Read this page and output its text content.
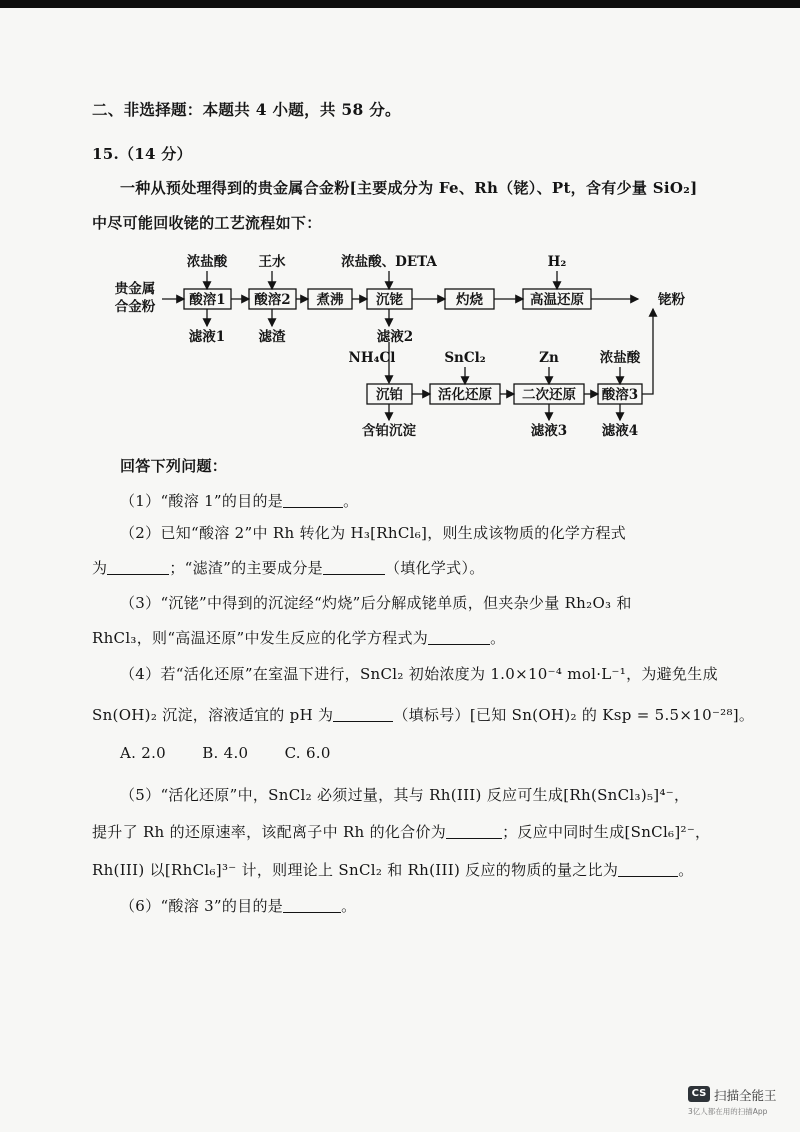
二、非选择题：本题共 4 小题，共 58 分。
15.（14 分）
一种从预处理得到的贵金属合金粉[主要成分为 Fe、Rh（铑）、Pt，含有少量 SiO₂]
中尽可能回收铑的工艺流程如下：
贵金属
合金粉	酸溶1 酸溶2 煮沸 沉铑	灼烧	高温还原
沉铂	活化还原 二次还原 酸溶3
浓盐酸 王水	浓盐酸、DETA	H₂
NH₄Cl	SnCl₂	Zn	浓盐酸
滤液1 滤渣	滤液2
含铂沉淀	滤液3	滤液4
铑粉
回答下列问题：
（1）“酸溶 1”的目的是	。
（2）已知“酸溶 2”中 Rh 转化为 H₃[RhCl₆]，则生成该物质的化学方程式
为	；“滤渣”的主要成分是	（填化学式）。
（3）“沉铑”中得到的沉淀经“灼烧”后分解成铑单质，但夹杂少量 Rh₂O₃ 和
RhCl₃，则“高温还原”中发生反应的化学方程式为	。
（4）若“活化还原”在室温下进行，SnCl₂ 初始浓度为 1.0×10⁻⁴ mol·L⁻¹，为避免生成
Sn(OH)₂ 沉淀，溶液适宜的 pH 为	（填标号）[已知 Sn(OH)₂ 的 Ksp = 5.5×10⁻²⁸]。
A. 2.0 B. 4.0 C. 6.0
（5）“活化还原”中，SnCl₂ 必须过量，其与 Rh(III) 反应可生成[Rh(SnCl₃)₅]⁴⁻，
提升了 Rh 的还原速率，该配离子中 Rh 的化合价为	；反应中同时生成[SnCl₆]²⁻，
Rh(III) 以[RhCl₆]³⁻ 计，则理论上 SnCl₂ 和 Rh(III) 反应的物质的量之比为	。
（6）“酸溶 3”的目的是	。
CS 扫描全能王
3亿人都在用的扫描App
